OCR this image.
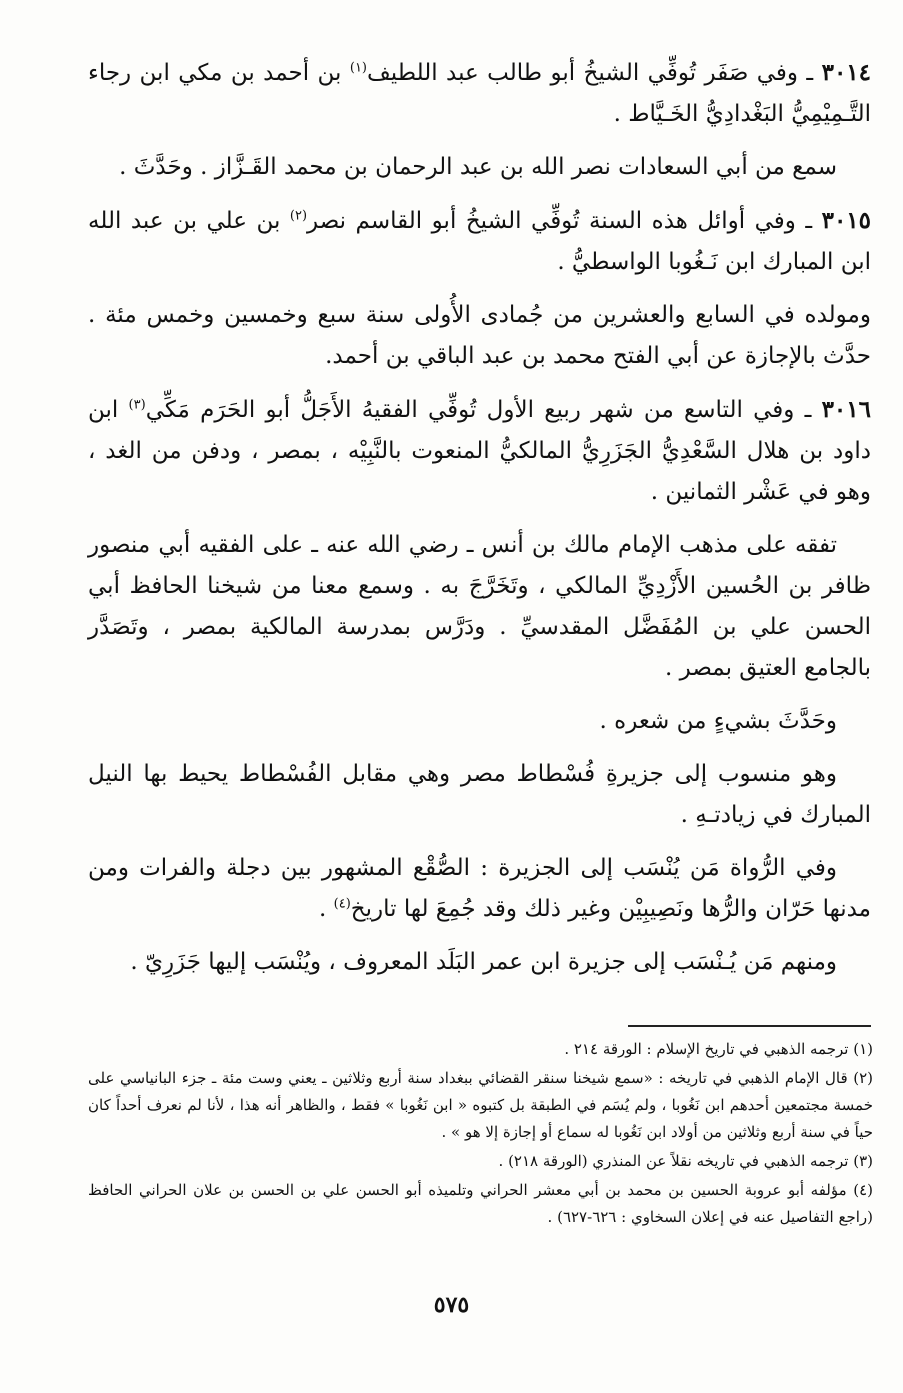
٣٠١٤ ـ وفي صَفَر تُوفِّي الشيخُ أبو طالب عبد اللطيف$^{(١)}$ بن أحمد بن مكي ابن رجاء التَّـمِيْمِيُّ البَغْدادِيُّ الخَـيَّاط .

سمع من أبي السعادات نصر الله بن عبد الرحمان بن محمد القَـزَّاز . وحَدَّثَ .

٣٠١٥ ـ وفي أوائل هذه السنة تُوفِّي الشيخُ أبو القاسم نصر$^{(٢)}$ بن علي بن عبد الله ابن المبارك ابن نَـغُوبا الواسطيُّ .

ومولده في السابع والعشرين من جُمادى الأُولى سنة سبع وخمسين وخمس مئة . حدَّث بالإجازة عن أبي الفتح محمد بن عبد الباقي بن أحمد.

٣٠١٦ ـ وفي التاسع من شهر ربيع الأول تُوفِّي الفقيهُ الأَجَلُّ أبو الحَرَم مَكِّي$^{(٣)}$ ابن داود بن هلال السَّعْدِيُّ الجَزَرِيُّ المالكيُّ المنعوت بالنَّبِيْه ، بمصر ، ودفن من الغد ، وهو في عَشْر الثمانين .

تفقه على مذهب الإمام مالك بن أنس ـ رضي الله عنه ـ على الفقيه أبي منصور ظافر بن الحُسين الأَزْدِيِّ المالكي ، وتَخَرَّجَ به . وسمع معنا من شيخنا الحافظ أبي الحسن علي بن المُفَضَّل المقدسيِّ . ودَرَّس بمدرسة المالكية بمصر ، وتَصَدَّر بالجامع العتيق بمصر .

وحَدَّثَ بشيءٍ من شعره .

وهو منسوب إلى جزيرةِ فُسْطاط مصر وهي مقابل الفُسْطاط يحيط بها النيل المبارك في زيادتـهِ .

وفي الرُّواة مَن يُنْسَب إلى الجزيرة : الصُّقْع المشهور بين دجلة والفرات ومن مدنها حَرّان والرُّها ونَصِيبِيْن وغير ذلك وقد جُمِعَ لها تاريخ$^{(٤)}$ .

ومنهم مَن يُـنْسَب إلى جزيرة ابن عمر البَلَد المعروف ، ويُنْسَب إليها جَزَرِيّ .

(١) ترجمه الذهبي في تاريخ الإسلام : الورقة ٢١٤ .

(٢) قال الإمام الذهبي في تاريخه : «سمع شيخنا سنقر القضائي ببغداد سنة أربع وثلاثين ـ يعني وست مئة ـ جزء البانياسي على خمسة مجتمعين أحدهم ابن نَغُوبا ، ولم يُسَم في الطبقة بل كتبوه « ابن نَغُوبا » فقط ، والظاهر أنه هذا ، لأنا لم نعرف أحداً كان حياً في سنة أربع وثلاثين من أولاد ابن نَغُوبا له سماع أو إجازة إلا هو » .

(٣) ترجمه الذهبي في تاريخه نقلاً عن المنذري (الورقة ٢١٨) .

(٤) مؤلفه أبو عروبة الحسين بن محمد بن أبي معشر الحراني وتلميذه أبو الحسن علي بن الحسن بن علان الحراني الحافظ (راجع التفاصيل عنه في إعلان السخاوي : ٦٢٦-٦٢٧) .

٥٧٥
